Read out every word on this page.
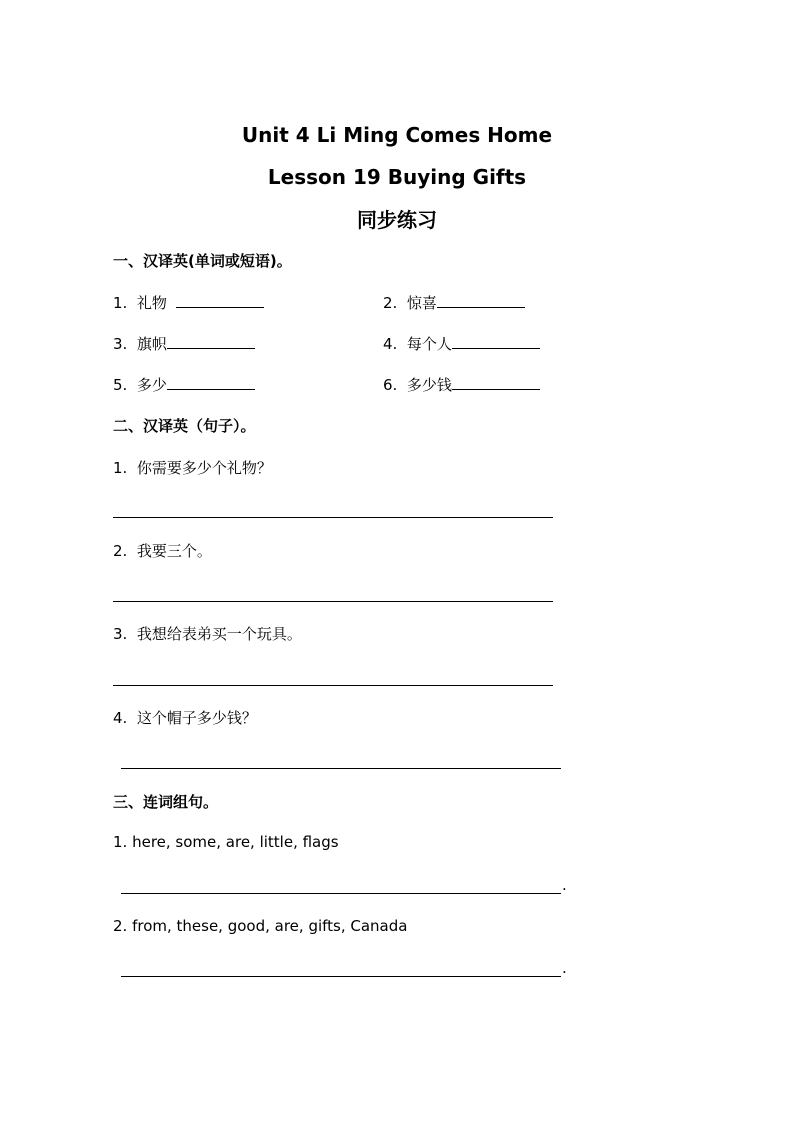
Unit 4 Li Ming Comes Home
Lesson 19 Buying Gifts
同步练习
一、汉译英(单词或短语)。
1. 礼物	2. 惊喜
3. 旗帜	4. 每个人
5. 多少	6. 多少钱
二、汉译英（句子）。
1. 你需要多少个礼物？
2. 我要三个。
3. 我想给表弟买一个玩具。
4. 这个帽子多少钱？
三、连词组句。
1. here, some, are, little, flags
.
2. from, these, good, are, gifts, Canada
.
